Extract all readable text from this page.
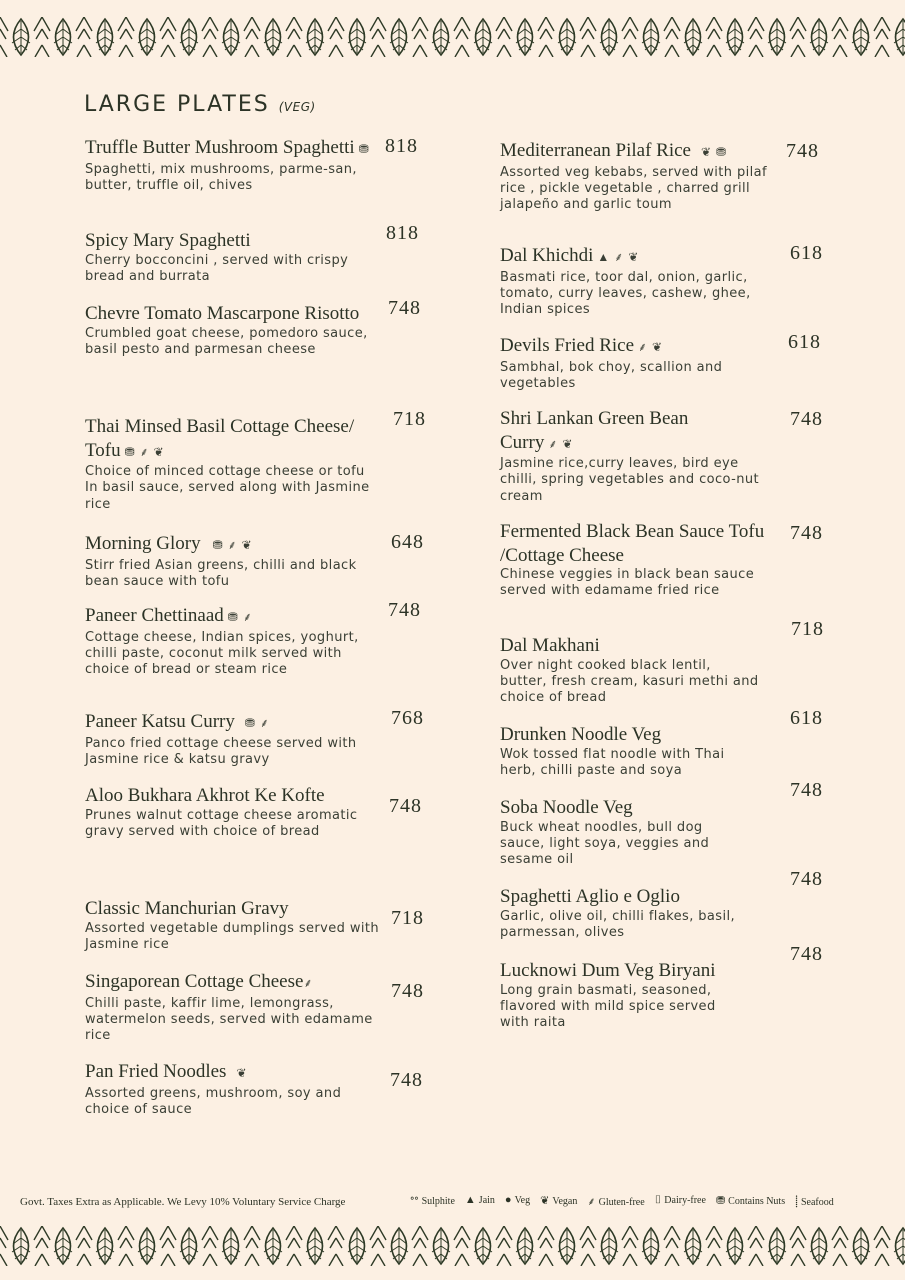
LARGE PLATES (VEG)
Truffle Butter Mushroom Spaghetti ⛃
Spaghetti, mix mushrooms, parme-san, butter, truffle oil, chives
818
Spicy Mary Spaghetti
Cherry bocconcini , served with crispy bread and burrata
818
Chevre Tomato Mascarpone Risotto
Crumbled goat cheese, pomedoro sauce, basil pesto and parmesan cheese
748
Thai Minsed Basil Cottage Cheese/ Tofu ⛃ ⸙ ❦
Choice of minced cottage cheese or tofu In basil sauce, served along with Jasmine rice
718
Morning Glory ⛃ ⸙ ❦
Stirr fried Asian greens, chilli and black bean sauce with tofu
648
Paneer Chettinaad ⛃ ⸙
Cottage cheese, Indian spices, yoghurt, chilli paste, coconut milk served with choice of bread or steam rice
748
Paneer Katsu Curry ⛃ ⸙
Panco fried cottage cheese served with Jasmine rice & katsu gravy
768
Aloo Bukhara Akhrot Ke Kofte
Prunes walnut cottage cheese aromatic gravy served with choice of bread
748
Classic Manchurian Gravy
Assorted vegetable dumplings served with Jasmine rice
718
Singaporean Cottage Cheese⸙
Chilli paste, kaffir lime, lemongrass, watermelon seeds, served with edamame rice
748
Pan Fried Noodles ❦
Assorted greens, mushroom, soy and choice of sauce
748
Mediterranean Pilaf Rice ❦ ⛃
Assorted veg kebabs, served with pilaf rice , pickle vegetable , charred grill jalapeño and garlic toum
748
Dal Khichdi ▲ ⸙ ❦
Basmati rice, toor dal, onion, garlic, tomato, curry leaves, cashew, ghee, Indian spices
618
Devils Fried Rice ⸙ ❦
Sambhal, bok choy, scallion and vegetables
618
Shri Lankan Green Bean Curry ⸙ ❦
Jasmine rice,curry leaves, bird eye chilli, spring vegetables and coco-nut cream
748
Fermented Black Bean Sauce Tofu /Cottage Cheese
Chinese veggies in black bean sauce served with edamame fried rice
748
Dal Makhani
Over night cooked black lentil, butter, fresh cream, kasuri methi and choice of bread
718
Drunken Noodle Veg
Wok tossed flat noodle with Thai herb, chilli paste and soya
618
Soba Noodle Veg
Buck wheat noodles, bull dog sauce, light soya, veggies and sesame oil
748
Spaghetti Aglio e Oglio
Garlic, olive oil, chilli flakes, basil, parmessan, olives
748
Lucknowi Dum Veg Biryani
Long grain basmati, seasoned, flavored with mild spice served with raita
748
Govt. Taxes Extra as Applicable. We Levy 10% Voluntary Service Charge	ᐤᐤ Sulphite ▲ Jain ● Veg ❦ Vegan ⸙ Gluten-free ⌷ Dairy-free ⛃ Contains Nuts ⸽ Seafood
